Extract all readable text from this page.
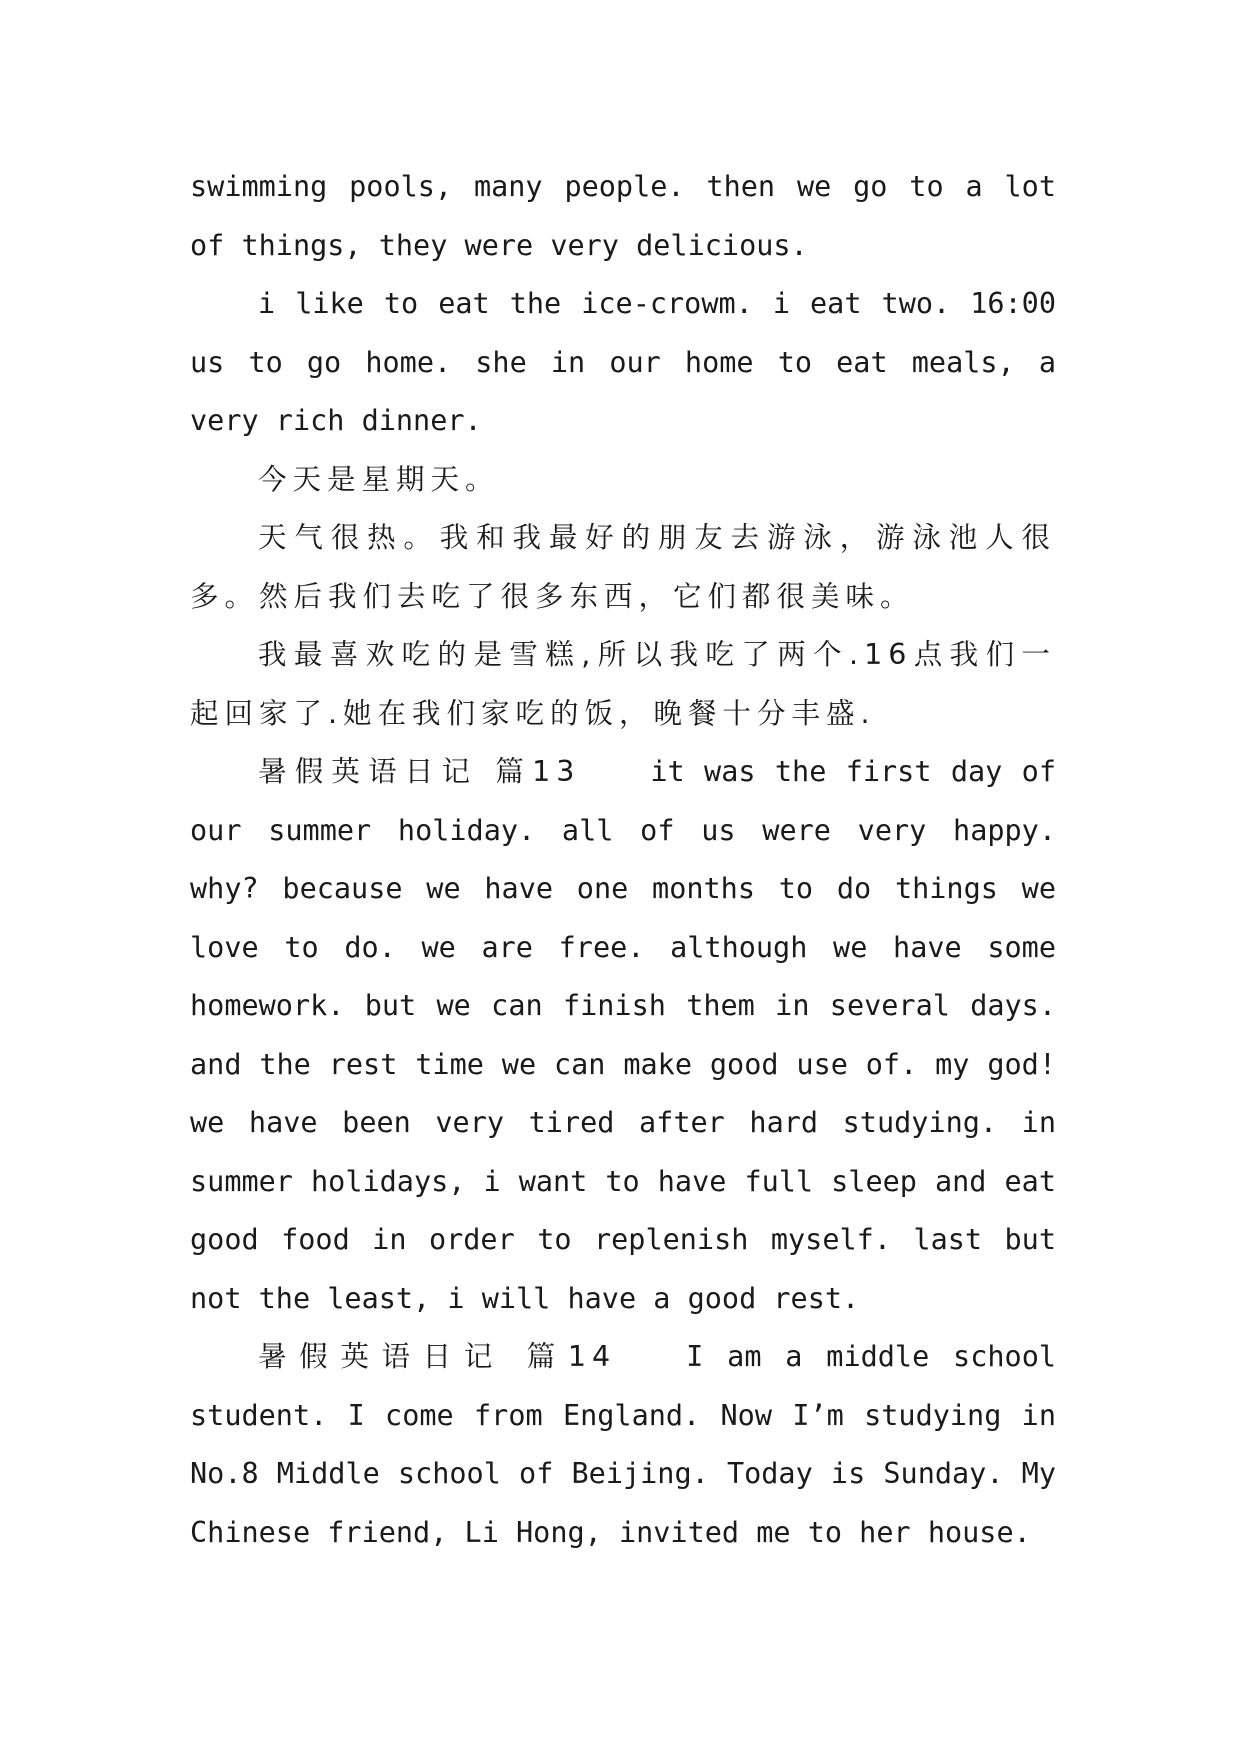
swimming pools, many people. then we go to a lot of things, they were very delicious.

i like to eat the ice-crowm. i eat two. 16:00 us to go home. she in our home to eat meals, a very rich dinner.

今天是星期天。

天气很热。我和我最好的朋友去游泳，游泳池人很多。然后我们去吃了很多东西，它们都很美味。

我最喜欢吃的是雪糕,所以我吃了两个.16点我们一起回家了.她在我们家吃的饭，晚餐十分丰盛.

暑假英语日记 篇13 it was the first day of our summer holiday. all of us were very happy. why? because we have one months to do things we love to do. we are free. although we have some homework. but we can finish them in several days. and the rest time we can make good use of. my god! we have been very tired after hard studying. in summer holidays, i want to have full sleep and eat good food in order to replenish myself. last but not the least, i will have a good rest.

暑假英语日记 篇14 I am a middle school student. I come from England. Now I’m studying in No.8 Middle school of Beijing. Today is Sunday. My Chinese friend, Li Hong, invited me to her house.
